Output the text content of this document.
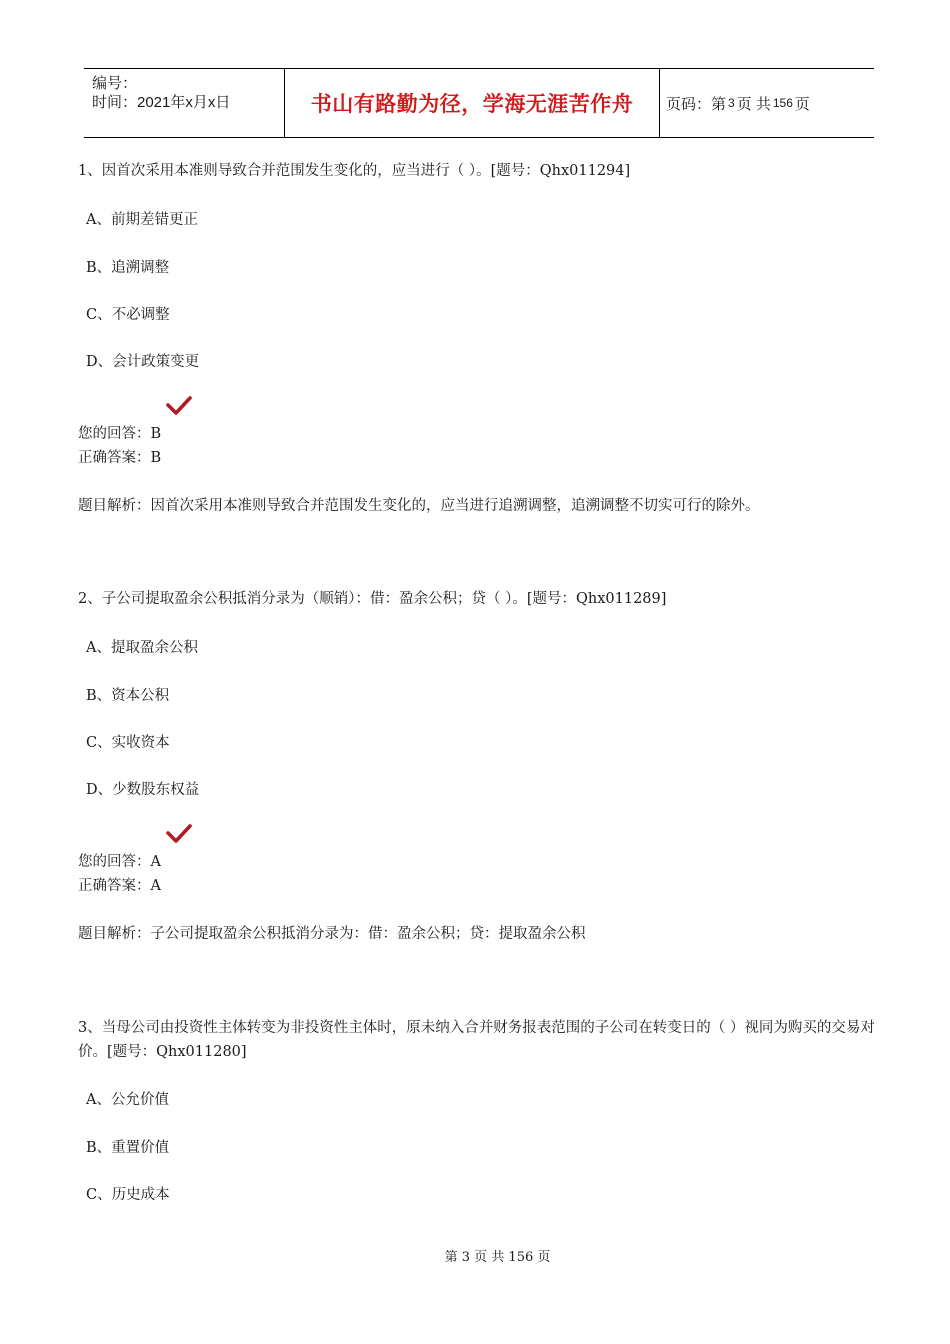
编号：
时间：2021年x月x日	书山有路勤为径，学海无涯苦作舟 页码：第 3 页 共 156 页
1、因首次采用本准则导致合并范围发生变化的，应当进行（ ）。[题号：Qhx011294]
A、前期差错更正
B、追溯调整
C、不必调整
D、会计政策变更
您的回答：B
正确答案：B
题目解析：因首次采用本准则导致合并范围发生变化的，应当进行追溯调整，追溯调整不切实可行的除外。
2、子公司提取盈余公积抵消分录为（顺销）：借：盈余公积；贷（ ）。[题号：Qhx011289]
A、提取盈余公积
B、资本公积
C、实收资本
D、少数股东权益
您的回答：A
正确答案：A
题目解析：子公司提取盈余公积抵消分录为：借：盈余公积；贷：提取盈余公积
3、当母公司由投资性主体转变为非投资性主体时，原未纳入合并财务报表范围的子公司在转变日的（ ）视同为购买的交易对价。[题号：Qhx011280]
A、公允价值
B、重置价值
C、历史成本
第 3 页 共 156 页
